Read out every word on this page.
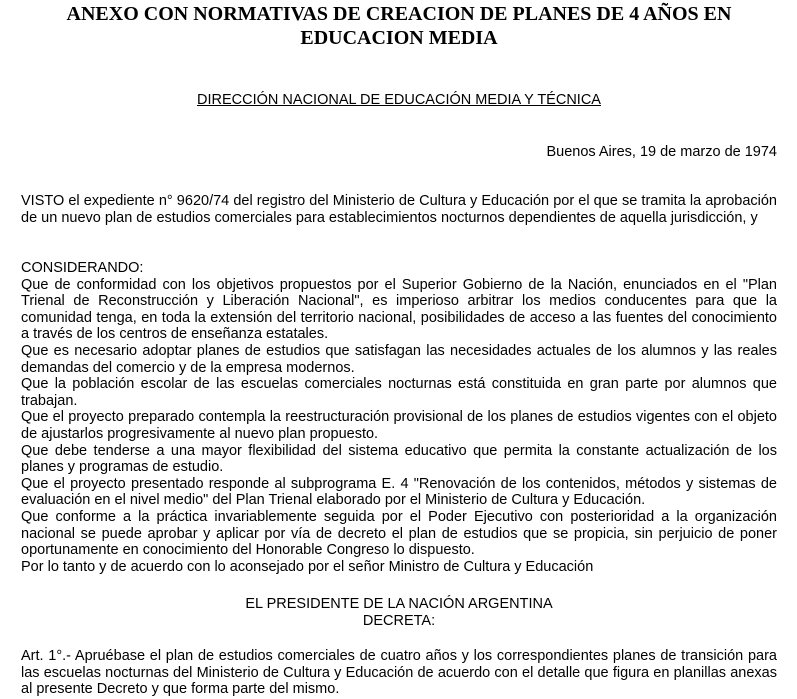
ANEXO CON NORMATIVAS DE CREACION DE PLANES DE 4 AÑOS EN
EDUCACION MEDIA
DIRECCIÓN NACIONAL DE EDUCACIÓN MEDIA Y TÉCNICA
Buenos Aires, 19 de marzo de 1974

VISTO el expediente n° 9620/74 del registro del Ministerio de Cultura y Educación por el que se tramita la aprobación de un nuevo plan de estudios comerciales para establecimientos nocturnos dependientes de aquella jurisdicción, y

CONSIDERANDO:

Que de conformidad con los objetivos propuestos por el Superior Gobierno de la Nación, enunciados en el "Plan Trienal de Reconstrucción y Liberación Nacional", es imperioso arbitrar los medios conducentes para que la comunidad tenga, en toda la extensión del territorio nacional, posibilidades de acceso a las fuentes del conocimiento a través de los centros de enseñanza estatales.

Que es necesario adoptar planes de estudios que satisfagan las necesidades actuales de los alumnos y las reales demandas del comercio y de la empresa modernos.

Que la población escolar de las escuelas comerciales nocturnas está constituida en gran parte por alumnos que trabajan.

Que el proyecto preparado contempla la reestructuración provisional de los planes de estudios vigentes con el objeto de ajustarlos progresivamente al nuevo plan propuesto.

Que debe tenderse a una mayor flexibilidad del sistema educativo que permita la constante actualización de los planes y programas de estudio.

Que el proyecto presentado responde al subprograma E. 4 "Renovación de los contenidos, métodos y sistemas de evaluación en el nivel medio" del Plan Trienal elaborado por el Ministerio de Cultura y Educación.

Que conforme a la práctica invariablemente seguida por el Poder Ejecutivo con posterioridad a la organización nacional se puede aprobar y aplicar por vía de decreto el plan de estudios que se propicia, sin perjuicio de poner oportunamente en conocimiento del Honorable Congreso lo dispuesto.

Por lo tanto y de acuerdo con lo aconsejado por el señor Ministro de Cultura y Educación

EL PRESIDENTE DE LA NACIÓN ARGENTINA
DECRETA:

Art. 1°.- Apruébase el plan de estudios comerciales de cuatro años y los correspondientes planes de transición para las escuelas nocturnas del Ministerio de Cultura y Educación de acuerdo con el detalle que figura en planillas anexas al presente Decreto y que forma parte del mismo.
